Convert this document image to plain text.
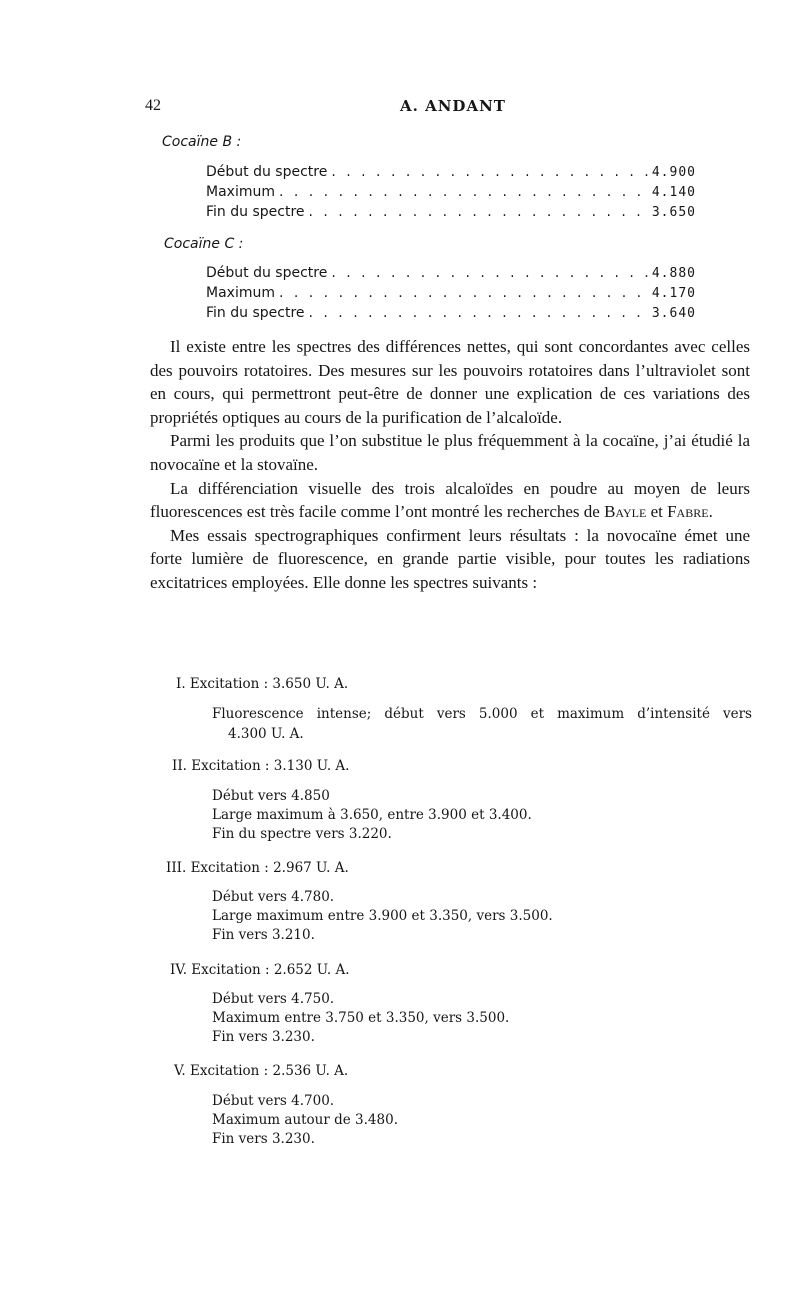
42	A. ANDANT
Cocaïne B :
Début du spectre . . .	4.900
Maximum . . .	4.140
Fin du spectre . . .	3.650
Cocaïne C :
Début du spectre . . .	4.880
Maximum . . .	4.170
Fin du spectre . . .	3.640

Il existe entre les spectres des différences nettes, qui sont concordantes avec celles des pouvoirs rotatoires. Des mesures sur les pouvoirs rotatoires dans l’ultraviolet sont en cours, qui permettront peut-être de donner une explication de ces variations des propriétés optiques au cours de la purification de l’alcaloïde.

Parmi les produits que l’on substitue le plus fréquemment à la cocaïne, j’ai étudié la novocaïne et la stovaïne.

La différenciation visuelle des trois alcaloïdes en poudre au moyen de leurs fluorescences est très facile comme l’ont montré les recherches de Bayle et Fabre.

Mes essais spectrographiques confirment leurs résultats : la novocaïne émet une forte lumière de fluorescence, en grande partie visible, pour toutes les radiations excitatrices employées. Elle donne les spectres suivants :

I. Excitation : 3.650 U. A.
Fluorescence intense; début vers 5.000 et maximum d’intensité vers
4.300 U. A.
II. Excitation : 3.130 U. A.
Début vers 4.850
Large maximum à 3.650, entre 3.900 et 3.400.
Fin du spectre vers 3.220.
III. Excitation : 2.967 U. A.
Début vers 4.780.
Large maximum entre 3.900 et 3.350, vers 3.500.
Fin vers 3.210.
IV. Excitation : 2.652 U. A.
Début vers 4.750.
Maximum entre 3.750 et 3.350, vers 3.500.
Fin vers 3.230.
V. Excitation : 2.536 U. A.
Début vers 4.700.
Maximum autour de 3.480.
Fin vers 3.230.
